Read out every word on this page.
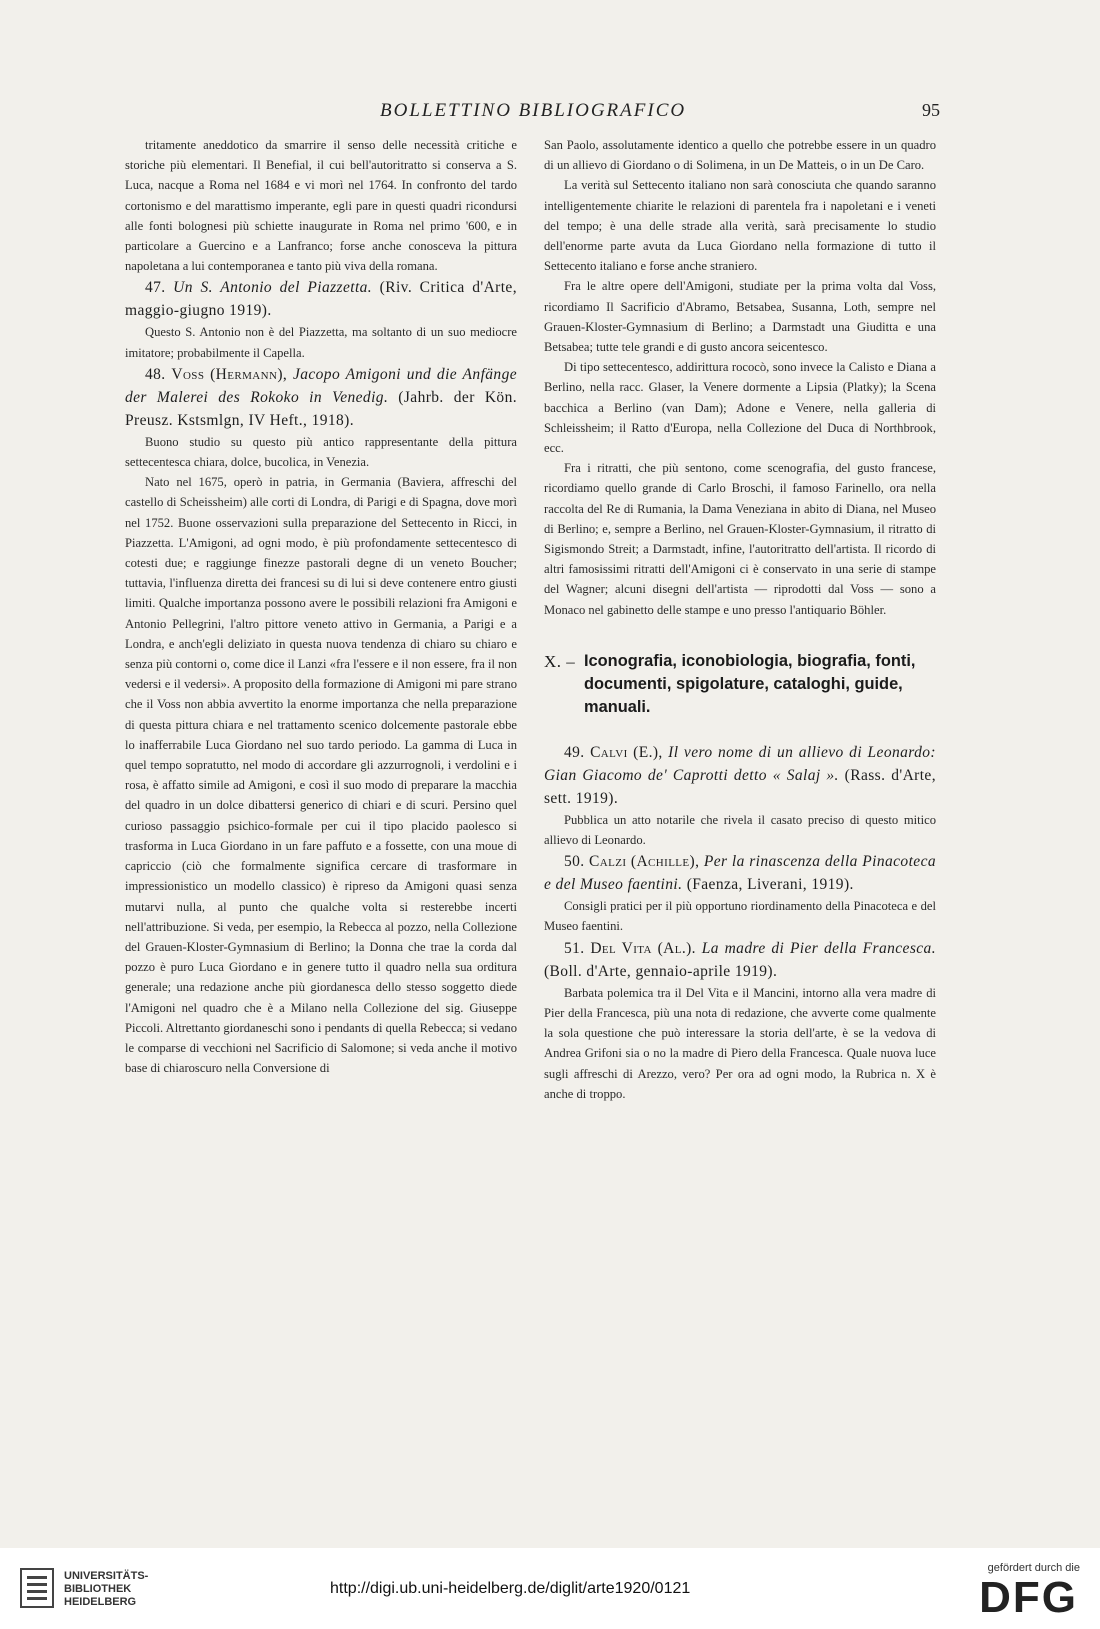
BOLLETTINO BIBLIOGRAFICO	95

tritamente aneddotico da smarrire il senso delle necessità critiche e storiche più elementari. Il Benefial, il cui bell'autoritratto si conserva a S. Luca, nacque a Roma nel 1684 e vi morì nel 1764. In confronto del tardo cortonismo e del marattismo imperante, egli pare in questi quadri ricondursi alle fonti bolognesi più schiette inaugurate in Roma nel primo '600, e in particolare a Guercino e a Lanfranco; forse anche conosceva la pittura napoletana a lui contemporanea e tanto più viva della romana.

47. Un S. Antonio del Piazzetta. (Riv. Critica d'Arte, maggio-giugno 1919).

Questo S. Antonio non è del Piazzetta, ma soltanto di un suo mediocre imitatore; probabilmente il Capella.

48. Voss (Hermann), Jacopo Amigoni und die Anfänge der Malerei des Rokoko in Venedig. (Jahrb. der Kön. Preusz. Kstsmlgn, IV Heft., 1918).

Buono studio su questo più antico rappresentante della pittura settecentesca chiara, dolce, bucolica, in Venezia.

Nato nel 1675, operò in patria, in Germania (Baviera, affreschi del castello di Scheissheim) alle corti di Londra, di Parigi e di Spagna, dove morì nel 1752. Buone osservazioni sulla preparazione del Settecento in Ricci, in Piazzetta. L'Amigoni, ad ogni modo, è più profondamente settecentesco di cotesti due; e raggiunge finezze pastorali degne di un veneto Boucher; tuttavia, l'influenza diretta dei francesi su di lui si deve contenere entro giusti limiti. Qualche importanza possono avere le possibili relazioni fra Amigoni e Antonio Pellegrini, l'altro pittore veneto attivo in Germania, a Parigi e a Londra, e anch'egli deliziato in questa nuova tendenza di chiaro su chiaro e senza più contorni o, come dice il Lanzi «fra l'essere e il non essere, fra il non vedersi e il vedersi». A proposito della formazione di Amigoni mi pare strano che il Voss non abbia avvertito la enorme importanza che nella preparazione di questa pittura chiara e nel trattamento scenico dolcemente pastorale ebbe lo inafferrabile Luca Giordano nel suo tardo periodo. La gamma di Luca in quel tempo sopratutto, nel modo di accordare gli azzurrognoli, i verdolini e i rosa, è affatto simile ad Amigoni, e così il suo modo di preparare la macchia del quadro in un dolce dibattersi generico di chiari e di scuri. Persino quel curioso passaggio psichico-formale per cui il tipo placido paolesco si trasforma in Luca Giordano in un fare paffuto e a fossette, con una moue di capriccio (ciò che formalmente significa cercare di trasformare in impressionistico un modello classico) è ripreso da Amigoni quasi senza mutarvi nulla, al punto che qualche volta si resterebbe incerti nell'attribuzione. Si veda, per esempio, la Rebecca al pozzo, nella Collezione del Grauen-Kloster-Gymnasium di Berlino; la Donna che trae la corda dal pozzo è puro Luca Giordano e in genere tutto il quadro nella sua orditura generale; una redazione anche più giordanesca dello stesso soggetto diede l'Amigoni nel quadro che è a Milano nella Collezione del sig. Giuseppe Piccoli. Altrettanto giordaneschi sono i pendants di quella Rebecca; si vedano le comparse di vecchioni nel Sacrificio di Salomone; si veda anche il motivo base di chiaroscuro nella Conversione di

San Paolo, assolutamente identico a quello che potrebbe essere in un quadro di un allievo di Giordano o di Solimena, in un De Matteis, o in un De Caro.

La verità sul Settecento italiano non sarà conosciuta che quando saranno intelligentemente chiarite le relazioni di parentela fra i napoletani e i veneti del tempo; è una delle strade alla verità, sarà precisamente lo studio dell'enorme parte avuta da Luca Giordano nella formazione di tutto il Settecento italiano e forse anche straniero.

Fra le altre opere dell'Amigoni, studiate per la prima volta dal Voss, ricordiamo Il Sacrificio d'Abramo, Betsabea, Susanna, Loth, sempre nel Grauen-Kloster-Gymnasium di Berlino; a Darmstadt una Giuditta e una Betsabea; tutte tele grandi e di gusto ancora seicentesco.

Di tipo settecentesco, addirittura rococò, sono invece la Calisto e Diana a Berlino, nella racc. Glaser, la Venere dormente a Lipsia (Platky); la Scena bacchica a Berlino (van Dam); Adone e Venere, nella galleria di Schleissheim; il Ratto d'Europa, nella Collezione del Duca di Northbrook, ecc.

Fra i ritratti, che più sentono, come scenografia, del gusto francese, ricordiamo quello grande di Carlo Broschi, il famoso Farinello, ora nella raccolta del Re di Rumania, la Dama Veneziana in abito di Diana, nel Museo di Berlino; e, sempre a Berlino, nel Grauen-Kloster-Gymnasium, il ritratto di Sigismondo Streit; a Darmstadt, infine, l'autoritratto dell'artista. Il ricordo di altri famosissimi ritratti dell'Amigoni ci è conservato in una serie di stampe del Wagner; alcuni disegni dell'artista — riprodotti dal Voss — sono a Monaco nel gabinetto delle stampe e uno presso l'antiquario Böhler.

X. – Iconografia, iconobiologia, biografia, fonti, documenti, spigolature, cataloghi, guide, manuali.

49. Calvi (E.), Il vero nome di un allievo di Leonardo: Gian Giacomo de' Caprotti detto « Salaj ». (Rass. d'Arte, sett. 1919).

Pubblica un atto notarile che rivela il casato preciso di questo mitico allievo di Leonardo.

50. Calzi (Achille), Per la rinascenza della Pinacoteca e del Museo faentini. (Faenza, Liverani, 1919).

Consigli pratici per il più opportuno riordinamento della Pinacoteca e del Museo faentini.

51. Del Vita (Al.). La madre di Pier della Francesca. (Boll. d'Arte, gennaio-aprile 1919).

Barbata polemica tra il Del Vita e il Mancini, intorno alla vera madre di Pier della Francesca, più una nota di redazione, che avverte come qualmente la sola questione che può interessare la storia dell'arte, è se la vedova di Andrea Grifoni sia o no la madre di Piero della Francesca. Quale nuova luce sugli affreschi di Arezzo, vero? Per ora ad ogni modo, la Rubrica n. X è anche di troppo.

UNIVERSITÄTS- BIBLIOTHEK HEIDELBERG
http://digi.ub.uni-heidelberg.de/diglit/arte1920/0121
gefördert durch die
DFG
